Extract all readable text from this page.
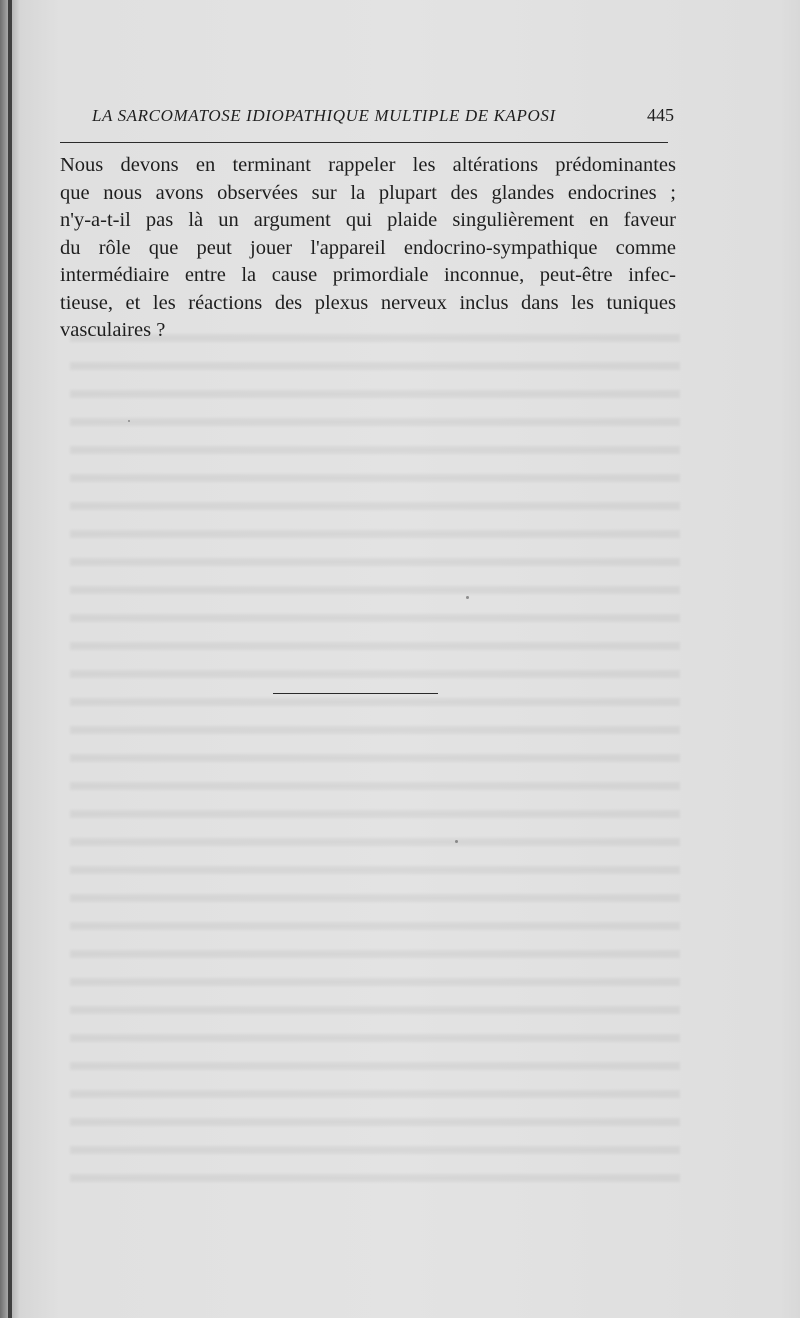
LA SARCOMATOSE IDIOPATHIQUE MULTIPLE DE KAPOSI	445
Nous devons en terminant rappeler les altérations prédominantes
que nous avons observées sur la plupart des glandes endocrines ;
n'y-a-t-il pas là un argument qui plaide singulièrement en faveur
du rôle que peut jouer l'appareil endocrino-sympathique comme
intermédiaire entre la cause primordiale inconnue, peut-être infec-
tieuse, et les réactions des plexus nerveux inclus dans les tuniques
vasculaires ?
